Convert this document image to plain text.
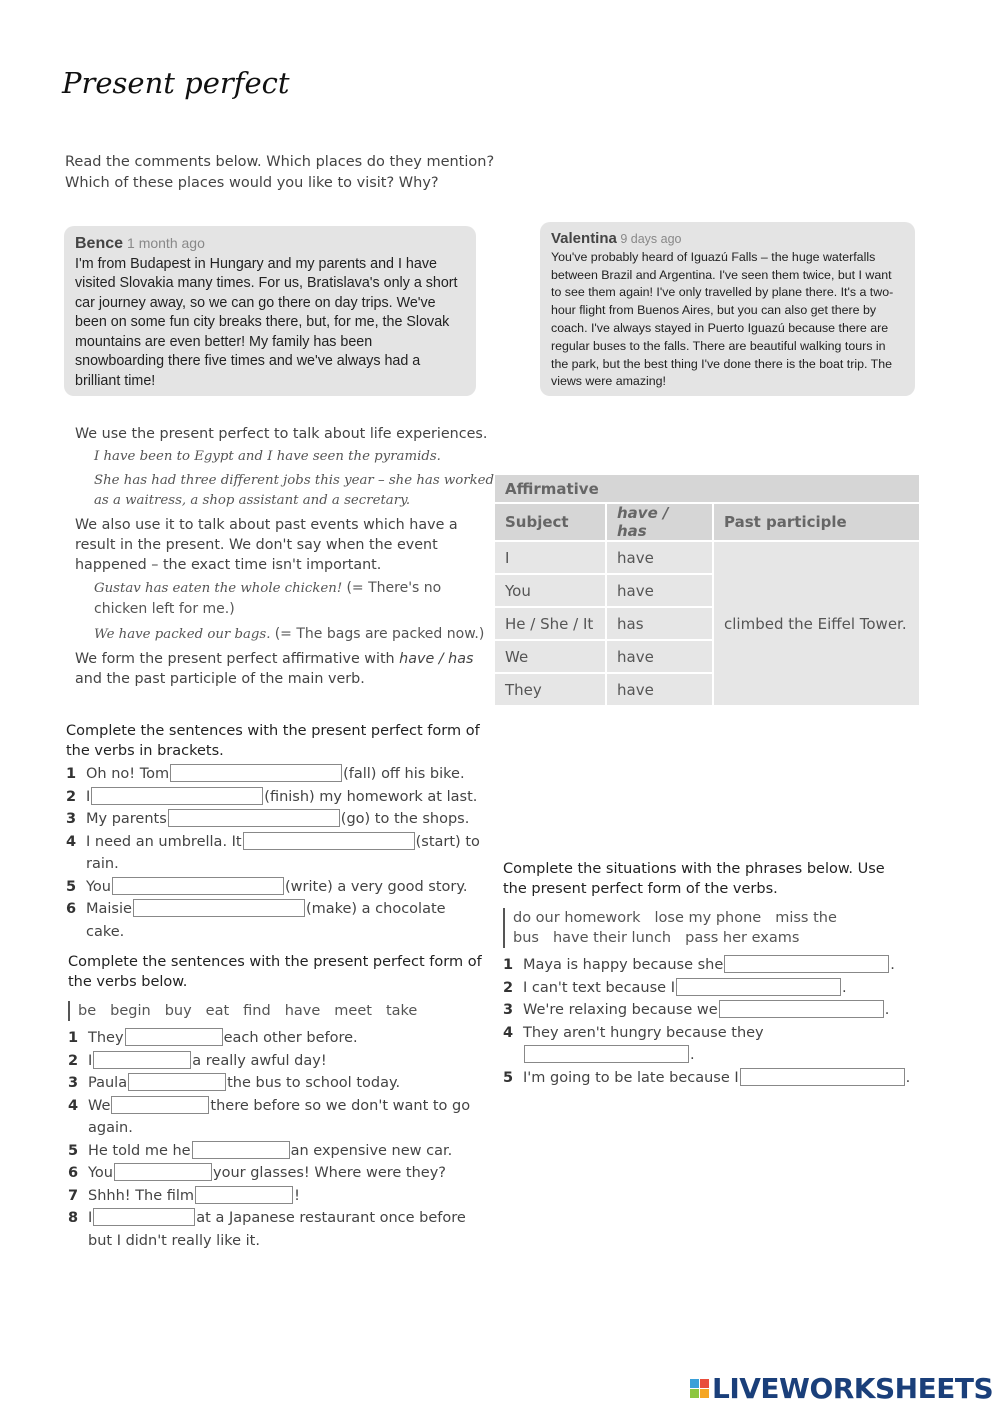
Present perfect
Read the comments below. Which places do they mention?
Which of these places would you like to visit? Why?
Bence 1 month ago
I'm from Budapest in Hungary and my parents and I have visited Slovakia many times. For us, Bratislava's only a short car journey away, so we can go there on day trips. We've been on some fun city breaks there, but, for me, the Slovak mountains are even better! My family has been snowboarding there five times and we've always had a brilliant time!
Valentina 9 days ago
You've probably heard of Iguazú Falls – the huge waterfalls between Brazil and Argentina. I've seen them twice, but I want to see them again! I've only travelled by plane there. It's a two-hour flight from Buenos Aires, but you can also get there by coach. I've always stayed in Puerto Iguazú because there are regular buses to the falls. There are beautiful walking tours in the park, but the best thing I've done there is the boat trip. The views were amazing!

We use the present perfect to talk about life experiences.

I have been to Egypt and I have seen the pyramids.
She has had three different jobs this year – she has worked as a waitress, a shop assistant and a secretary.

We also use it to talk about past events which have a result in the present. We don't say when the event happened – the exact time isn't important.

Gustav has eaten the whole chicken! (= There's no chicken left for me.)
We have packed our bags. (= The bags are packed now.)

We form the present perfect affirmative with have / has and the past participle of the main verb.

Affirmative		
Subject	have / has	Past participle
I	have	climbed the Eiffel Tower.
You	have	
He / She / It	has	
We	have	
They	have	
Complete the sentences with the present perfect form of the verbs in brackets.
1 Oh no! Tom	(fall) off his bike.
2 I	(finish) my homework at last.
3 My parents	(go) to the shops.
4 I need an umbrella. It	(start) to rain.
5 You	(write) a very good story.
6 Maisie	(make) a chocolate cake.
Complete the sentences with the present perfect form of the verbs below.
be begin buy eat find have meet take
1 They	each other before.
2 I	a really awful day!
3 Paula	the bus to school today.
4 We	there before so we don't want to go again.
5 He told me he	an expensive new car.
6 You	your glasses! Where were they?
7 Shhh! The film	!
8 I	at a Japanese restaurant once before but I didn't really like it.
Complete the situations with the phrases below. Use the present perfect form of the verbs.
do our homework lose my phone miss the bus have their lunch pass her exams
1 Maya is happy because she	.
2 I can't text because I	.
3 We're relaxing because we	.
4 They aren't hungry because they.
5 I'm going to be late because I	.
LIVEWORKSHEETS
